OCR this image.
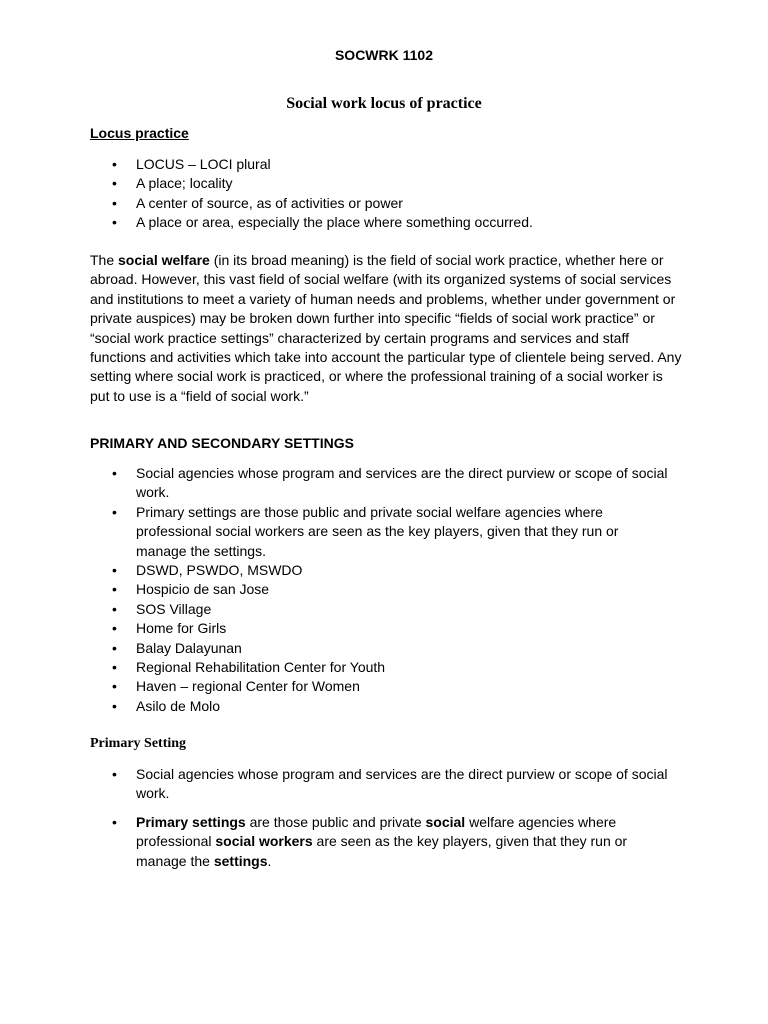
SOCWRK 1102
Social work locus of practice
Locus practice
• LOCUS – LOCI plural
• A place; locality
• A center of source, as of activities or power
• A place or area, especially the place where something occurred.

The social welfare (in its broad meaning) is the field of social work practice, whether here or abroad. However, this vast field of social welfare (with its organized systems of social services and institutions to meet a variety of human needs and problems, whether under government or private auspices) may be broken down further into specific “fields of social work practice” or “social work practice settings” characterized by certain programs and services and staff functions and activities which take into account the particular type of clientele being served. Any setting where social work is practiced, or where the professional training of a social worker is put to use is a “field of social work.”

PRIMARY AND SECONDARY SETTINGS
• Social agencies whose program and services are the direct purview or scope of social work.
• Primary settings are those public and private social welfare agencies where professional social workers are seen as the key players, given that they run or manage the settings.
• DSWD, PSWDO, MSWDO
• Hospicio de san Jose
• SOS Village
• Home for Girls
• Balay Dalayunan
• Regional Rehabilitation Center for Youth
• Haven – regional Center for Women
• Asilo de Molo
Primary Setting
• Social agencies whose program and services are the direct purview or scope of social work.
• Primary settings are those public and private social welfare agencies where professional social workers are seen as the key players, given that they run or manage the settings.
